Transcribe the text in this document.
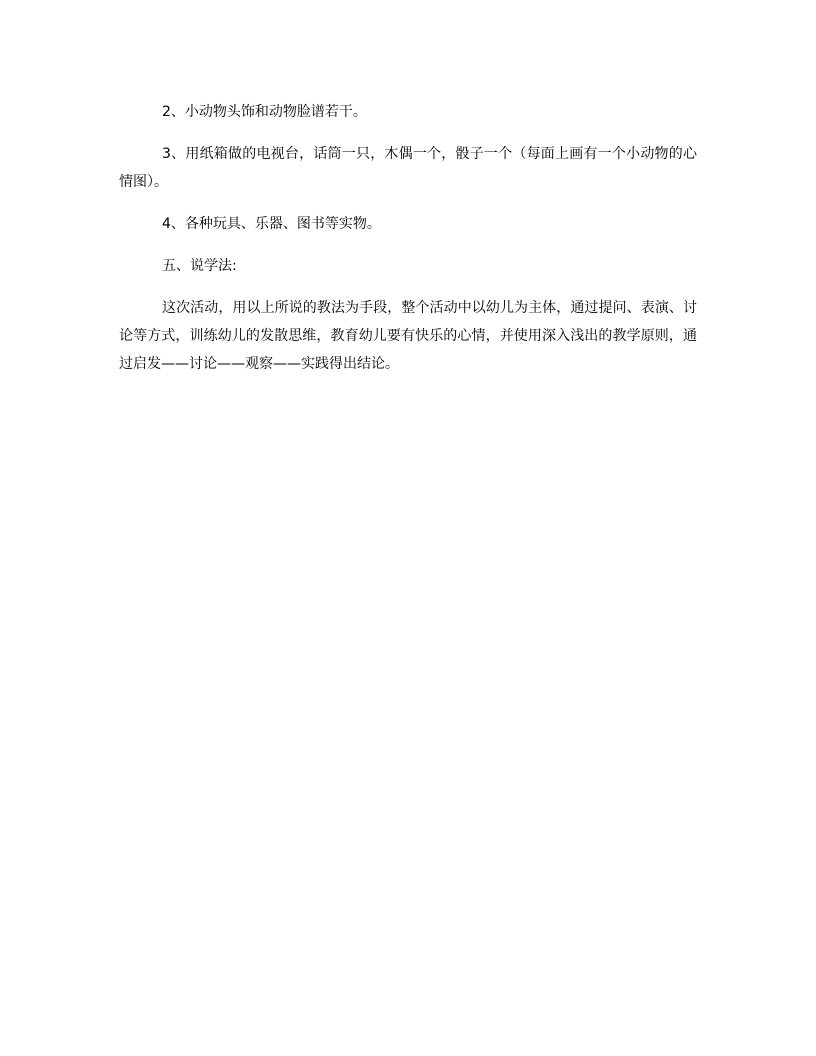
2、小动物头饰和动物脸谱若干。

3、用纸箱做的电视台，话筒一只，木偶一个，骰子一个（每面上画有一个小动物的心情图）。

4、各种玩具、乐器、图书等实物。

五、说学法:

这次活动，用以上所说的教法为手段，整个活动中以幼儿为主体，通过提问、表演、讨论等方式，训练幼儿的发散思维，教育幼儿要有快乐的心情，并使用深入浅出的教学原则，通过启发——讨论——观察——实践得出结论。
